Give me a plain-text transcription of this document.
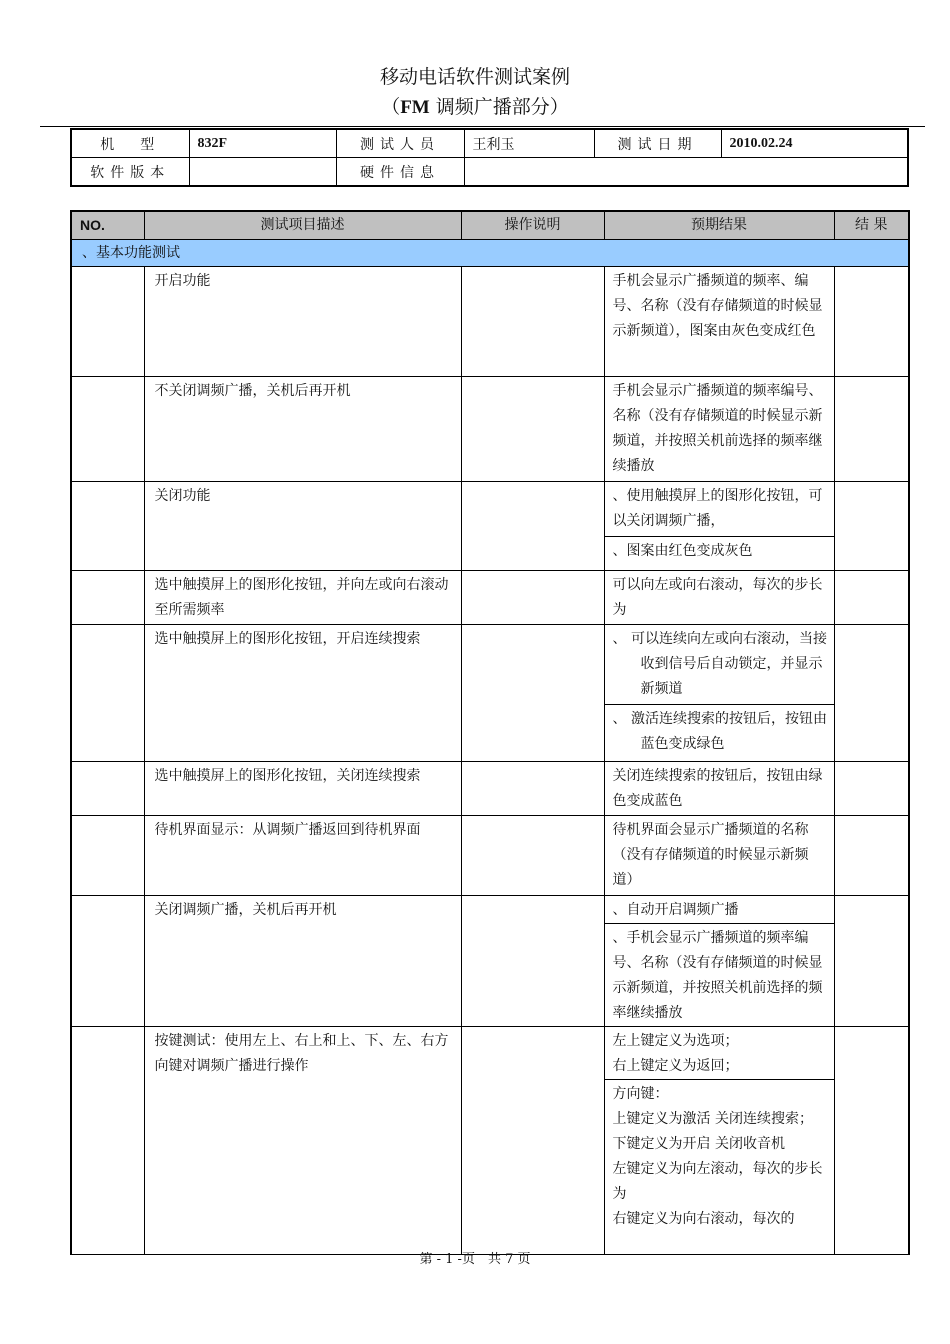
移动电话软件测试案例
（FM 调频广播部分）
机　型	832F	测试人员	王利玉	测试日期	2010.02.24
软件版本		硬件信息			
NO.	测试项目描述	操作说明	预期结果	结 果
、基本功能测试				
	开启功能		手机会显示广播频道的频率、编号、名称（没有存储频道的时候显示新频道），图案由灰色变成红色	

	不关闭调频广播，关机后再开机		手机会显示广播频道的频率编号、名称（没有存储频道的时候显示新频道，并按照关机前选择的频率继续播放	

	关闭功能		、使用触摸屏上的图形化按钮，可以关闭调频广播，	

			、图案由红色变成灰色	

	选中触摸屏上的图形化按钮，并向左或向右滚动至所需频率		可以向左或向右滚动，每次的步长为	

	选中触摸屏上的图形化按钮，开启连续搜索		、 可以连续向左或向右滚动，当接收到信号后自动锁定，并显示新频道	

			、 激活连续搜索的按钮后，按钮由蓝色变成绿色	

	选中触摸屏上的图形化按钮，关闭连续搜索		关闭连续搜索的按钮后，按钮由绿色变成蓝色	

	待机界面显示：从调频广播返回到待机界面		待机界面会显示广播频道的名称（没有存储频道的时候显示新频道）	

	关闭调频广播，关机后再开机		、自动开启调频广播	

			、手机会显示广播频道的频率编号、名称（没有存储频道的时候显示新频道，并按照关机前选择的频率继续播放	

	按键测试：使用左上、右上和上、下、左、右方向键对调频广播进行操作		左上键定义为选项；
右上键定义为返回；	

			方向键：
上键定义为激活 关闭连续搜索；
下键定义为开启 关闭收音机
左键定义为向左滚动，每次的步长为
右键定义为向右滚动，每次的	
第 - 1 -页　共 7 页
